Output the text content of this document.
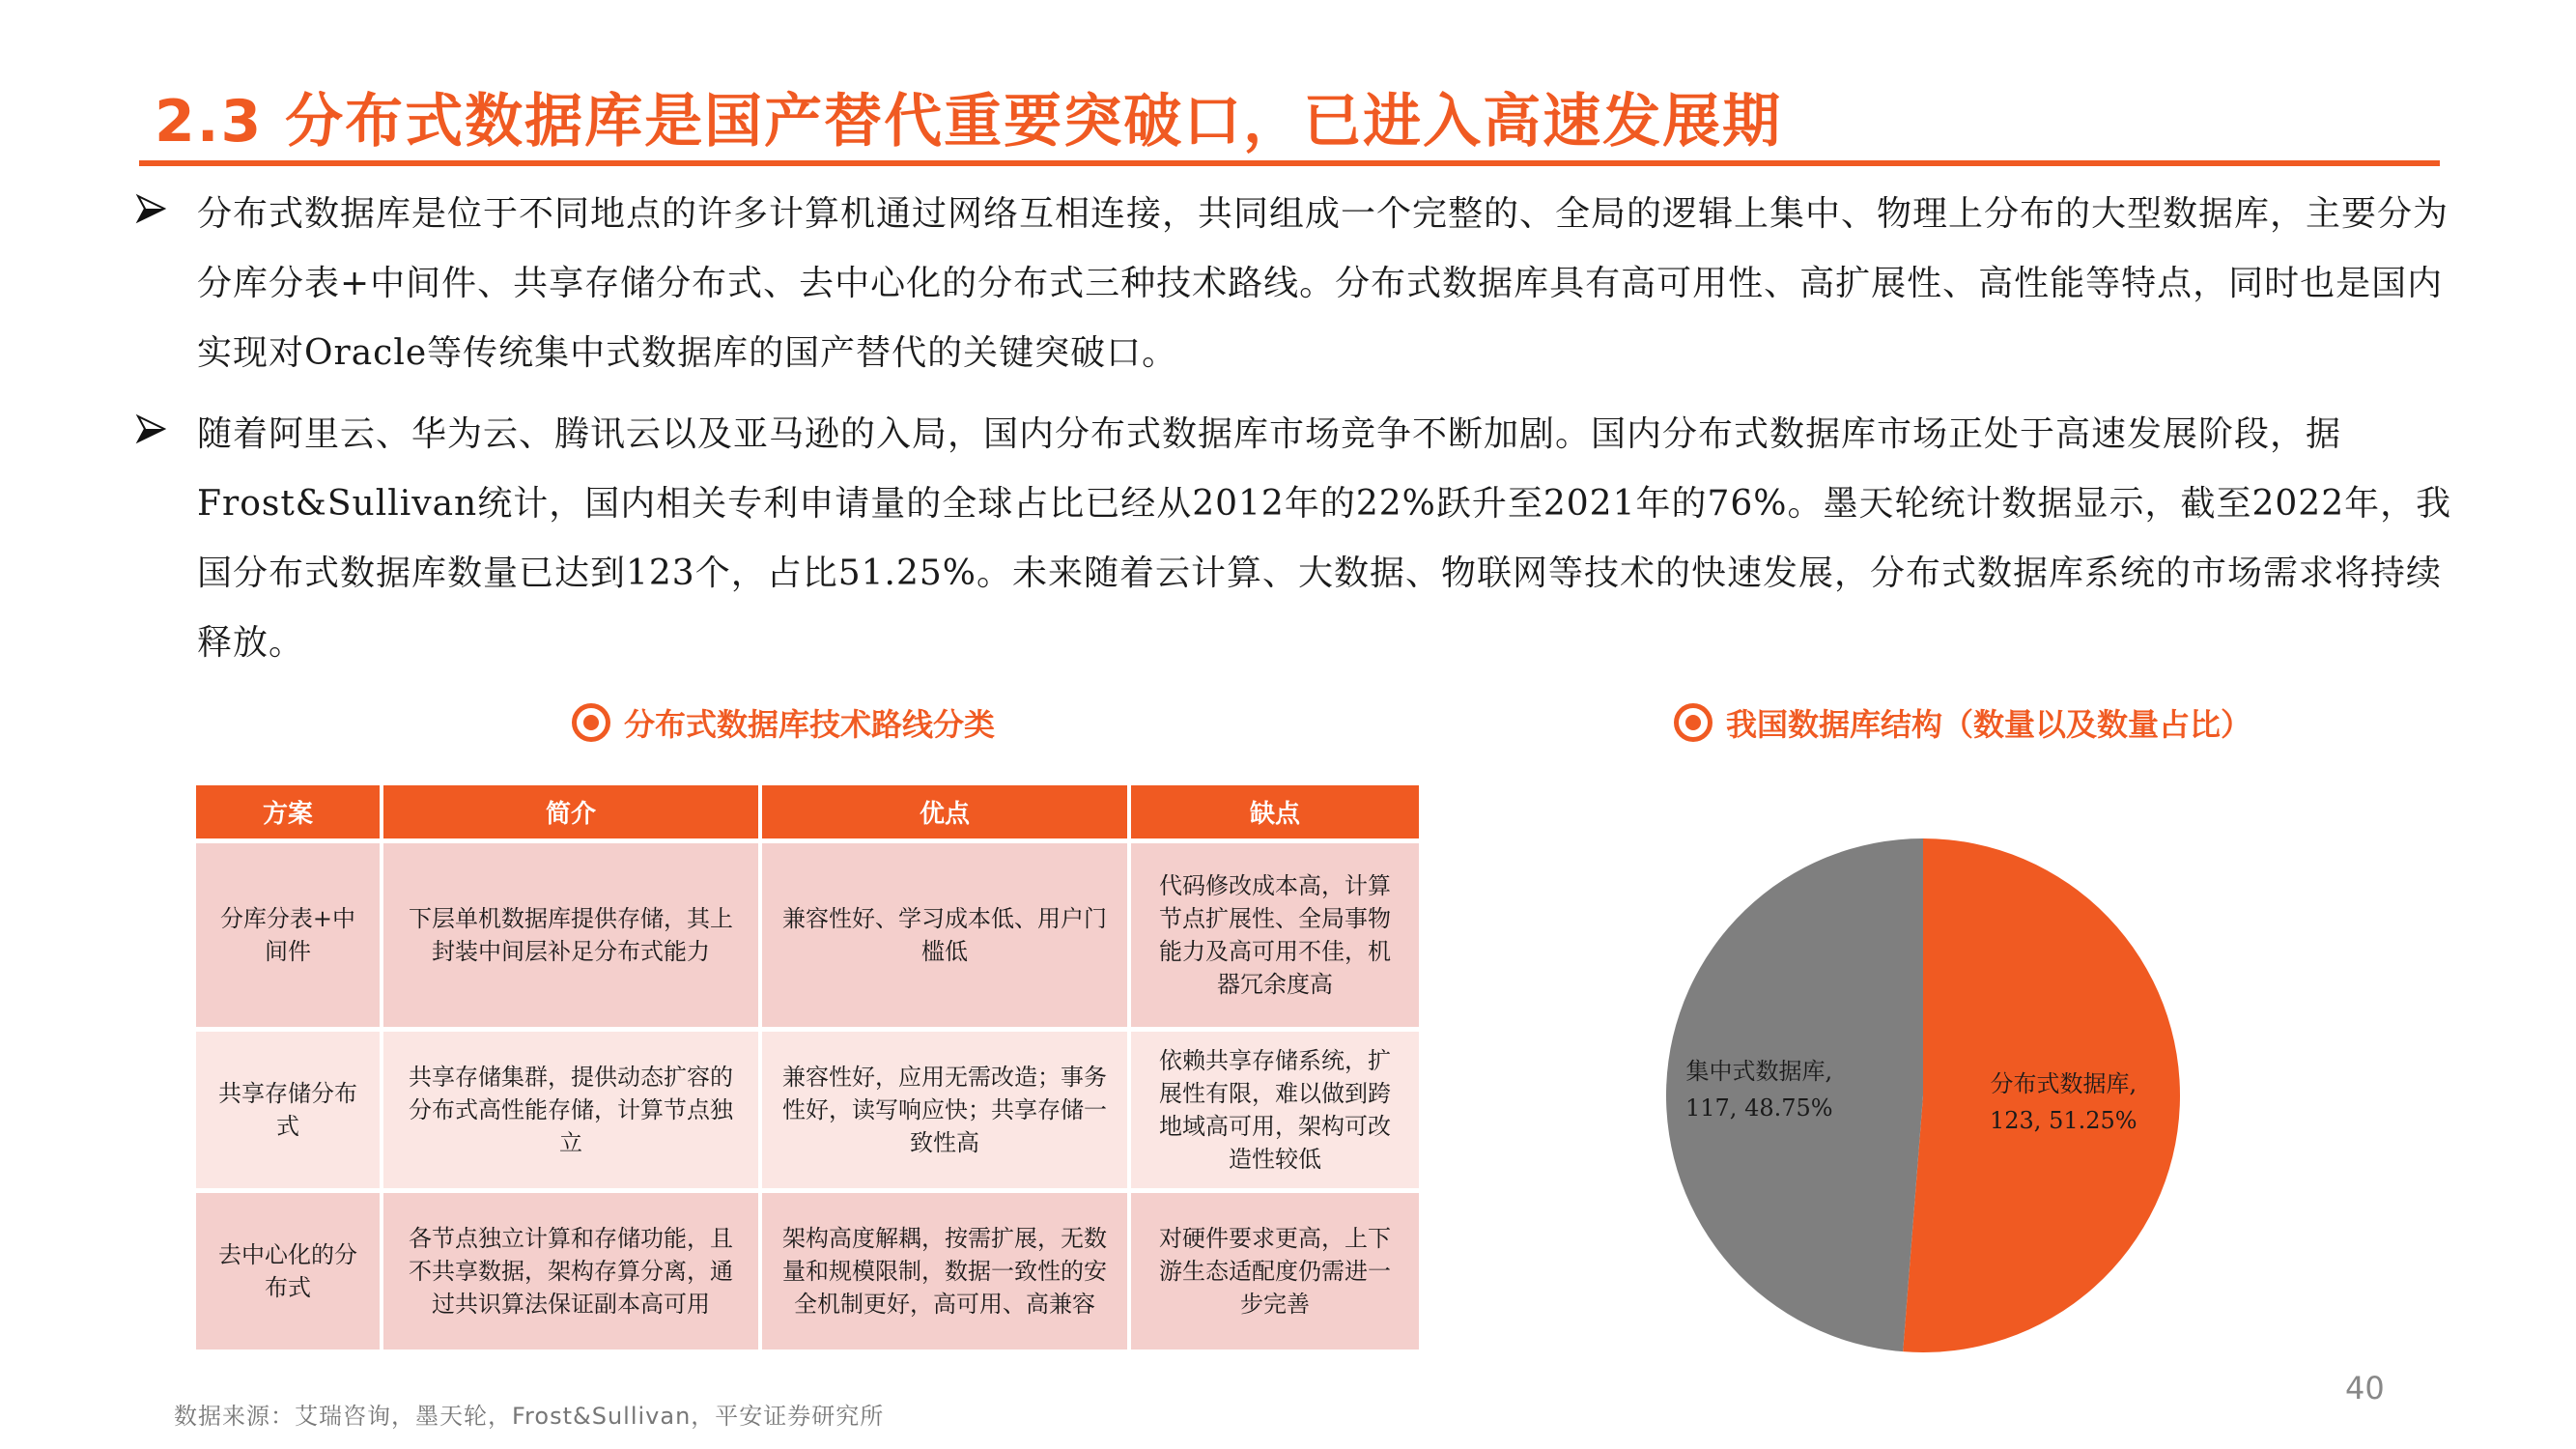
2.3 分布式数据库是国产替代重要突破口，已进入高速发展期
分布式数据库是位于不同地点的许多计算机通过网络互相连接，共同组成一个完整的、全局的逻辑上集中、物理上分布的大型数据库，主要分为分库分表+中间件、共享存储分布式、去中心化的分布式三种技术路线。分布式数据库具有高可用性、高扩展性、高性能等特点，同时也是国内实现对Oracle等传统集中式数据库的国产替代的关键突破口。
随着阿里云、华为云、腾讯云以及亚马逊的入局，国内分布式数据库市场竞争不断加剧。国内分布式数据库市场正处于高速发展阶段，据Frost&Sullivan统计，国内相关专利申请量的全球占比已经从2012年的22%跃升至2021年的76%。墨天轮统计数据显示，截至2022年，我国分布式数据库数量已达到123个，占比51.25%。未来随着云计算、大数据、物联网等技术的快速发展，分布式数据库系统的市场需求将持续释放。
分布式数据库技术路线分类	我国数据库结构（数量以及数量占比）
方案	简介	优点	缺点
分库分表+中间件	下层单机数据库提供存储，其上封装中间层补足分布式能力	兼容性好、学习成本低、用户门槛低	代码修改成本高，计算节点扩展性、全局事物能力及高可用不佳，机器冗余度高
共享存储分布式	共享存储集群，提供动态扩容的分布式高性能存储，计算节点独立	兼容性好，应用无需改造；事务性好，读写响应快；共享存储一致性高	依赖共享存储系统，扩展性有限，难以做到跨地域高可用，架构可改造性较低
去中心化的分布式	各节点独立计算和存储功能，且不共享数据，架构存算分离，通过共识算法保证副本高可用	架构高度解耦，按需扩展，无数量和规模限制，数据一致性的安全机制更好，高可用、高兼容	对硬件要求更高，上下游生态适配度仍需进一步完善
集中式数据库,
117, 48.75%
分布式数据库,
123, 51.25%
数据来源：艾瑞咨询，墨天轮，Frost&Sullivan，平安证券研究所
40
